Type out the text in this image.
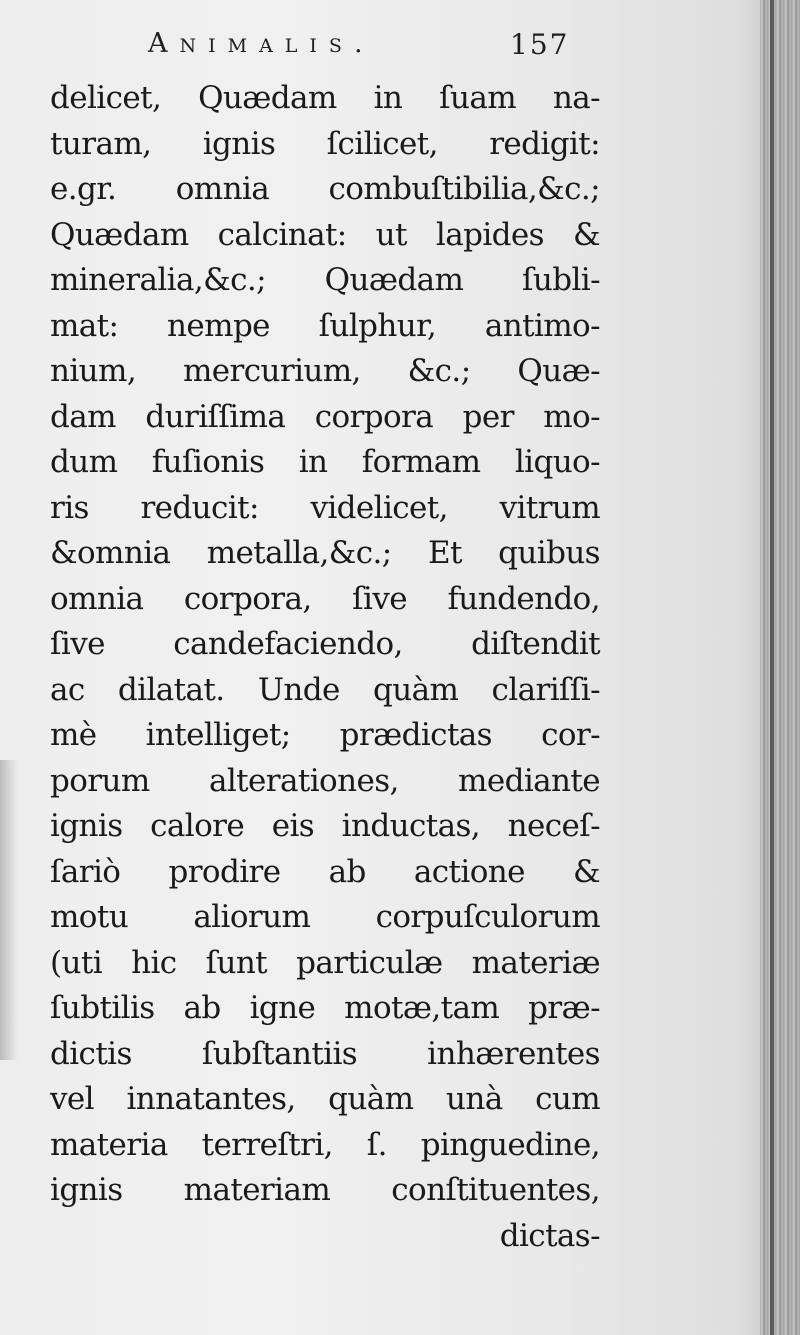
Animalis.	157
delicet, Quædam in ſuam na-
turam, ignis ſcilicet, redigit:
e.gr. omnia combuſtibilia,&c.;
Quædam calcinat: ut lapides &
mineralia,&c.; Quædam ſubli-
mat: nempe ſulphur, antimo-
nium, mercurium, &c.; Quæ-
dam duriſſima corpora per mo-
dum fuſionis in formam liquo-
ris reducit: videlicet, vitrum
&omnia metalla,&c.; Et quibus
omnia corpora, ſive fundendo,
ſive candefaciendo, diſtendit
ac dilatat. Unde quàm clariſſi-
mè intelliget; prædictas cor-
porum alterationes, mediante
ignis calore eis inductas, neceſ-
ſariò prodire ab actione &
motu aliorum corpuſculorum
(uti hic ſunt particulæ materiæ
ſubtilis ab igne motæ,tam præ-
dictis ſubſtantiis inhærentes
vel innatantes, quàm unà cum
materia terreſtri, ſ. pinguedine,
ignis materiam conſtituentes,
dictas-
